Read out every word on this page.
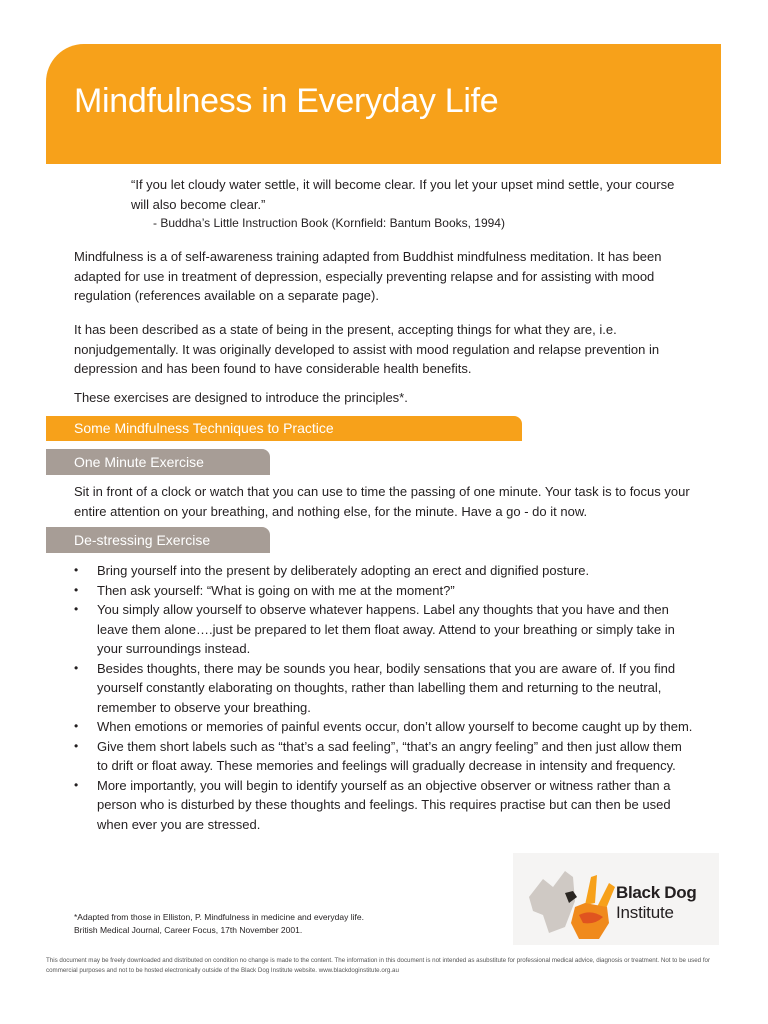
Mindfulness in Everyday Life
“If you let cloudy water settle, it will become clear. If you let your upset mind settle, your course will also become clear.”
- Buddha’s Little Instruction Book (Kornfield: Bantum Books, 1994)

Mindfulness is a of self-awareness training adapted from Buddhist mindfulness meditation. It has been adapted for use in treatment of depression, especially preventing relapse and for assisting with mood regulation (references available on a separate page).

It has been described as a state of being in the present, accepting things for what they are, i.e. nonjudgementally. It was originally developed to assist with mood regulation and relapse prevention in depression and has been found to have considerable health benefits.

These exercises are designed to introduce the principles*.

Some Mindfulness Techniques to Practice
One Minute Exercise

Sit in front of a clock or watch that you can use to time the passing of one minute. Your task is to focus your entire attention on your breathing, and nothing else, for the minute. Have a go - do it now.

De-stressing Exercise
• Bring yourself into the present by deliberately adopting an erect and dignified posture.
• Then ask yourself: “What is going on with me at the moment?”
• You simply allow yourself to observe whatever happens. Label any thoughts that you have and then leave them alone….just be prepared to let them float away. Attend to your breathing or simply take in your surroundings instead.
• Besides thoughts, there may be sounds you hear, bodily sensations that you are aware of. If you find yourself constantly elaborating on thoughts, rather than labelling them and returning to the neutral, remember to observe your breathing.
• When emotions or memories of painful events occur, don’t allow yourself to become caught up by them.
• Give them short labels such as “that’s a sad feeling”, “that’s an angry feeling” and then just allow them to drift or float away. These memories and feelings will gradually decrease in intensity and frequency.
• More importantly, you will begin to identify yourself as an objective observer or witness rather than a person who is disturbed by these thoughts and feelings. This requires practise but can then be used when ever you are stressed.
*Adapted from those in Elliston, P. Mindfulness in medicine and everyday life.
British Medical Journal, Career Focus, 17th November 2001.
Black Dog
Institute
This document may be freely downloaded and distributed on condition no change is made to the content. The information in this document is not intended as asubstitute for professional medical advice, diagnosis or treatment. Not to be used for commercial purposes and not to be hosted electronically outside of the Black Dog Institute website. www.blackdoginstitute.org.au
